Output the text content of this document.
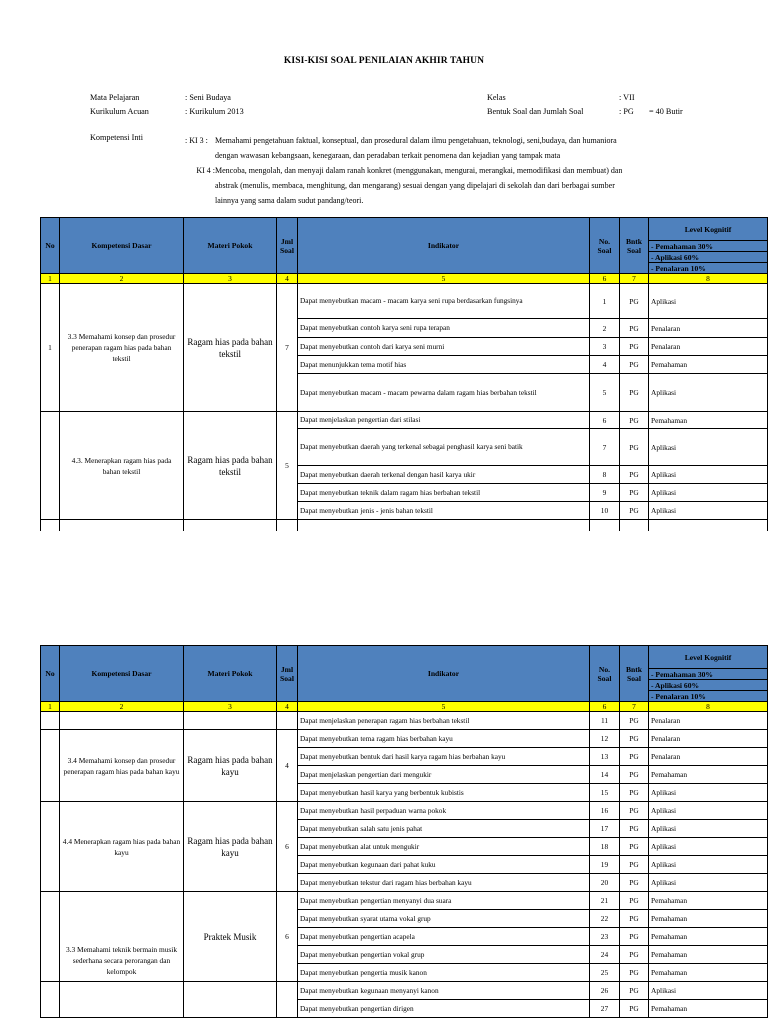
KISI-KISI SOAL PENILAIAN AKHIR TAHUN
Mata Pelajaran	: Seni Budaya
Kurikulum Acuan	: Kurikulum 2013
Kelas	: VII
Bentuk Soal dan Jumlah Soal	: PG = 40 Butir
Kompetensi Inti	: KI 3 : Memahami pengetahuan faktual, konseptual, dan prosedural dalam ilmu pengetahuan, teknologi, seni,budaya, dan humaniora
dengan wawasan kebangsaan, kenegaraan, dan peradaban terkait penomena dan kejadian yang tampak mata
KI 4 :Mencoba, mengolah, dan menyaji dalam ranah konkret (menggunakan, mengurai, merangkai, memodifikasi dan membuat) dan
abstrak (menulis, membaca, menghitung, dan mengarang) sesuai dengan yang dipelajari di sekolah dan dari berbagai sumber
lainnya yang sama dalam sudut pandang/teori.
No	Kompetensi Dasar	Materi Pokok	Jml Soal	Indikator	No. Soal	Bntk Soal	Level Kognitif
							- Pemahaman 30%
							- Aplikasi 60%
							- Penalaran 10%
1	2	3	4	5	6	7	8
1	3.3 Memahami konsep dan prosedur penerapan ragam hias pada bahan tekstil	Ragam hias pada bahan tekstil	7	Dapat menyebutkan macam - macam karya seni rupa berdasarkan fungsinya	1	PG	Aplikasi
				Dapat menyebutkan contoh karya seni rupa terapan	2	PG	Penalaran
				Dapat menyebutkan contoh dari karya seni murni	3	PG	Penalaran
				Dapat menunjukkan tema motif hias	4	PG	Pemahaman
				Dapat menyebutkan macam - macam pewarna dalam ragam hias berbahan tekstil	5	PG	Aplikasi
	4.3. Menerapkan ragam hias pada bahan tekstil	Ragam hias pada bahan tekstil	5	Dapat menjelaskan pengertian dari stilasi	6	PG	Pemahaman
				Dapat menyebutkan daerah yang terkenal sebagai penghasil karya seni batik	7	PG	Aplikasi
				Dapat menyebutkan daerah terkenal dengan hasil karya ukir	8	PG	Aplikasi
				Dapat menyebutkan teknik dalam ragam hias berbahan tekstil	9	PG	Aplikasi
				Dapat menyebutkan jenis - jenis bahan tekstil	10	PG	Aplikasi

No	Kompetensi Dasar	Materi Pokok	Jml Soal	Indikator	No. Soal	Bntk Soal	Level Kognitif
							- Pemahaman 30%
							- Aplikasi 60%
							- Penalaran 10%
1	2	3	4	5	6	7	8
				Dapat menjelaskan penerapan ragam hias berbahan tekstil	11	PG	Penalaran
	3.4 Memahami konsep dan prosedur penerapan ragam hias pada bahan kayu	Ragam hias pada bahan kayu	4	Dapat menyebutkan tema ragam hias berbahan kayu	12	PG	Penalaran
				Dapat menyebutkan bentuk dari hasil karya ragam hias berbahan kayu	13	PG	Penalaran
				Dapat menjelaskan pengertian dari mengukir	14	PG	Pemahaman
				Dapat menyebutkan hasil karya yang berbentuk kubistis	15	PG	Aplikasi
	4.4 Menerapkan ragam hias pada bahan kayu	Ragam hias pada bahan kayu	6	Dapat menyebutkan hasil perpaduan warna pokok	16	PG	Aplikasi
				Dapat menyebutkan salah satu jenis pahat	17	PG	Aplikasi
				Dapat menyebutkan alat untuk mengukir	18	PG	Aplikasi
				Dapat menyebutkan kegunaan dari pahat kuku	19	PG	Aplikasi
				Dapat menyebutkan tekstur dari ragam hias berbahan kayu	20	PG	Aplikasi
	3.3 Memahami teknik bermain musik sederhana secara perorangan dan kelompok	Praktek Musik	6	Dapat menyebutkan pengertian menyanyi dua suara	21	PG	Pemahaman
				Dapat menyebutkan syarat utama vokal grup	22	PG	Pemahaman
				Dapat menyebutkan pengertian acapela	23	PG	Pemahaman
				Dapat menyebutkan pengertian vokal grup	24	PG	Pemahaman
				Dapat menyebutkan pengertia musik kanon	25	PG	Pemahaman
				Dapat menyebutkan kegunaan menyanyi kanon	26	PG	Aplikasi
				Dapat menyebutkan pengertian dirigen	27	PG	Pemahaman
